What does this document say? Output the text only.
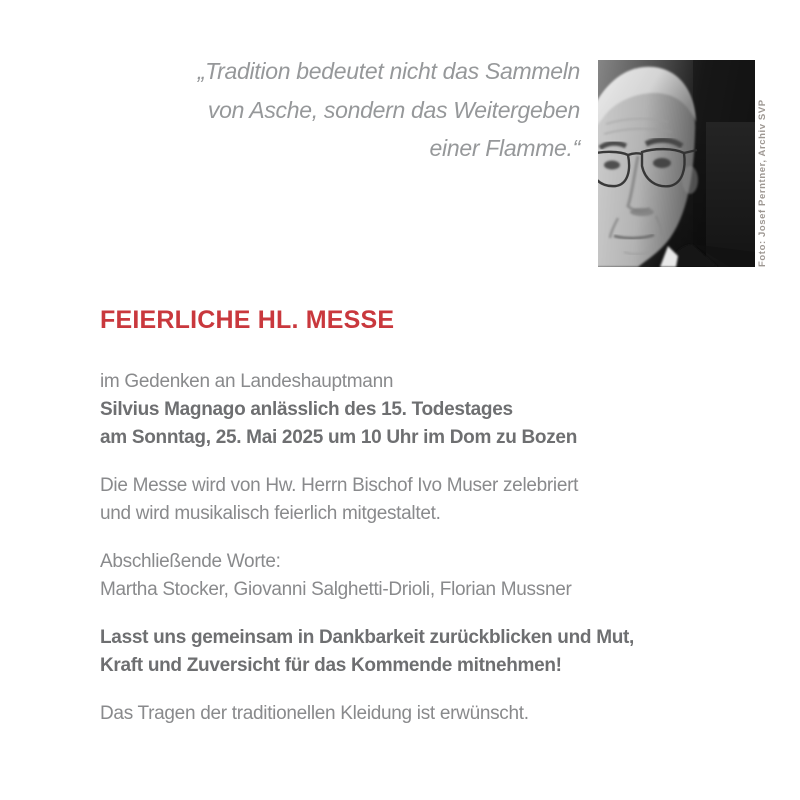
„Tradition bedeutet nicht das Sammeln von Asche, sondern das Weitergeben einer Flamme.“	Foto: Josef Perntner, Archiv SVP
FEIERLICHE HL. MESSE

im Gedenken an Landeshauptmann
Silvius Magnago anlässlich des 15. Todestages
am Sonntag, 25. Mai 2025 um 10 Uhr im Dom zu Bozen

Die Messe wird von Hw. Herrn Bischof Ivo Muser zelebriert
und wird musikalisch feierlich mitgestaltet.

Abschließende Worte:
Martha Stocker, Giovanni Salghetti-Drioli, Florian Mussner

Lasst uns gemeinsam in Dankbarkeit zurückblicken und Mut,
Kraft und Zuversicht für das Kommende mitnehmen!

Das Tragen der traditionellen Kleidung ist erwünscht.
